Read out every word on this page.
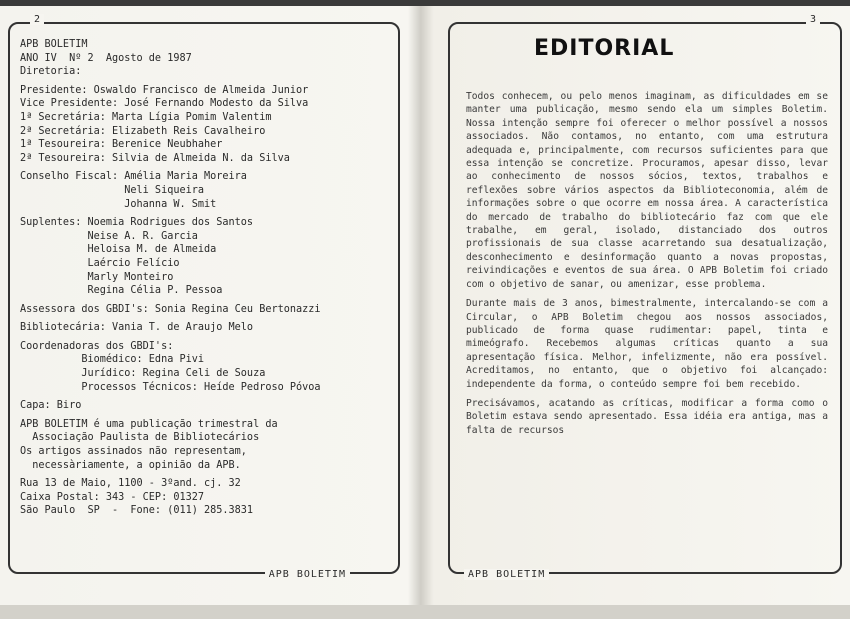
2
APB BOLETIM
ANO IV  Nº 2  Agosto de 1987
Diretoria:
Presidente: Oswaldo Francisco de Almeida Junior
Vice Presidente: José Fernando Modesto da Silva
1ª Secretária: Marta Lígia Pomim Valentim
2ª Secretária: Elizabeth Reis Cavalheiro
1ª Tesoureira: Berenice Neubhaher
2ª Tesoureira: Silvia de Almeida N. da Silva
Conselho Fiscal: Amélia Maria Moreira
Neli Siqueira
Johanna W. Smit
Suplentes: Noemia Rodrigues dos Santos
Neise A. R. Garcia
Heloisa M. de Almeida
Laércio Felício
Marly Monteiro
Regina Célia P. Pessoa
Assessora dos GBDI's: Sonia Regina Ceu Bertonazzi
Bibliotecária: Vania T. de Araujo Melo
Coordenadoras dos GBDI's:
Biomédico: Edna Pivi
Jurídico: Regina Celi de Souza
Processos Técnicos: Heíde Pedroso Póvoa
Capa: Biro
APB BOLETIM é uma publicação trimestral da
Associação Paulista de Bibliotecários
Os artigos assinados não representam,
necessàriamente, a opinião da APB.
Rua 13 de Maio, 1100 - 3ºand. cj. 32
Caixa Postal: 343 - CEP: 01327
São Paulo  SP  -  Fone: (011) 285.3831
APB BOLETIM
3
EDITORIAL

Todos conhecem, ou pelo menos imaginam, as dificuldades em se manter uma publicação, mesmo sendo ela um simples Boletim. Nossa intenção sempre foi oferecer o melhor possível a nossos associados. Não contamos, no entanto, com uma estrutura adequada e, principalmente, com recursos suficientes para que essa intenção se concretize. Procuramos, apesar disso, levar ao conhecimento de nossos sócios, textos, trabalhos e reflexões sobre vários aspectos da Biblioteconomia, além de informações sobre o que ocorre em nossa área. A característica do mercado de trabalho do bibliotecário faz com que ele trabalhe, em geral, isolado, distanciado dos outros profissionais de sua classe acarretando sua desatualização, desconhecimento e desinformação quanto a novas propostas, reivindicações e eventos de sua área. O APB Boletim foi criado com o objetivo de sanar, ou amenizar, esse problema.

Durante mais de 3 anos, bimestralmente, intercalando-se com a Circular, o APB Boletim chegou aos nossos associados, publicado de forma quase rudimentar: papel, tinta e mimeógrafo. Recebemos algumas críticas quanto a sua apresentação física. Melhor, infelizmente, não era possível. Acreditamos, no entanto, que o objetivo foi alcançado: independente da forma, o conteúdo sempre foi bem recebido.

Precisávamos, acatando as críticas, modificar a forma como o Boletim estava sendo apresentado. Essa idéia era antiga, mas a falta de recursos

APB BOLETIM
